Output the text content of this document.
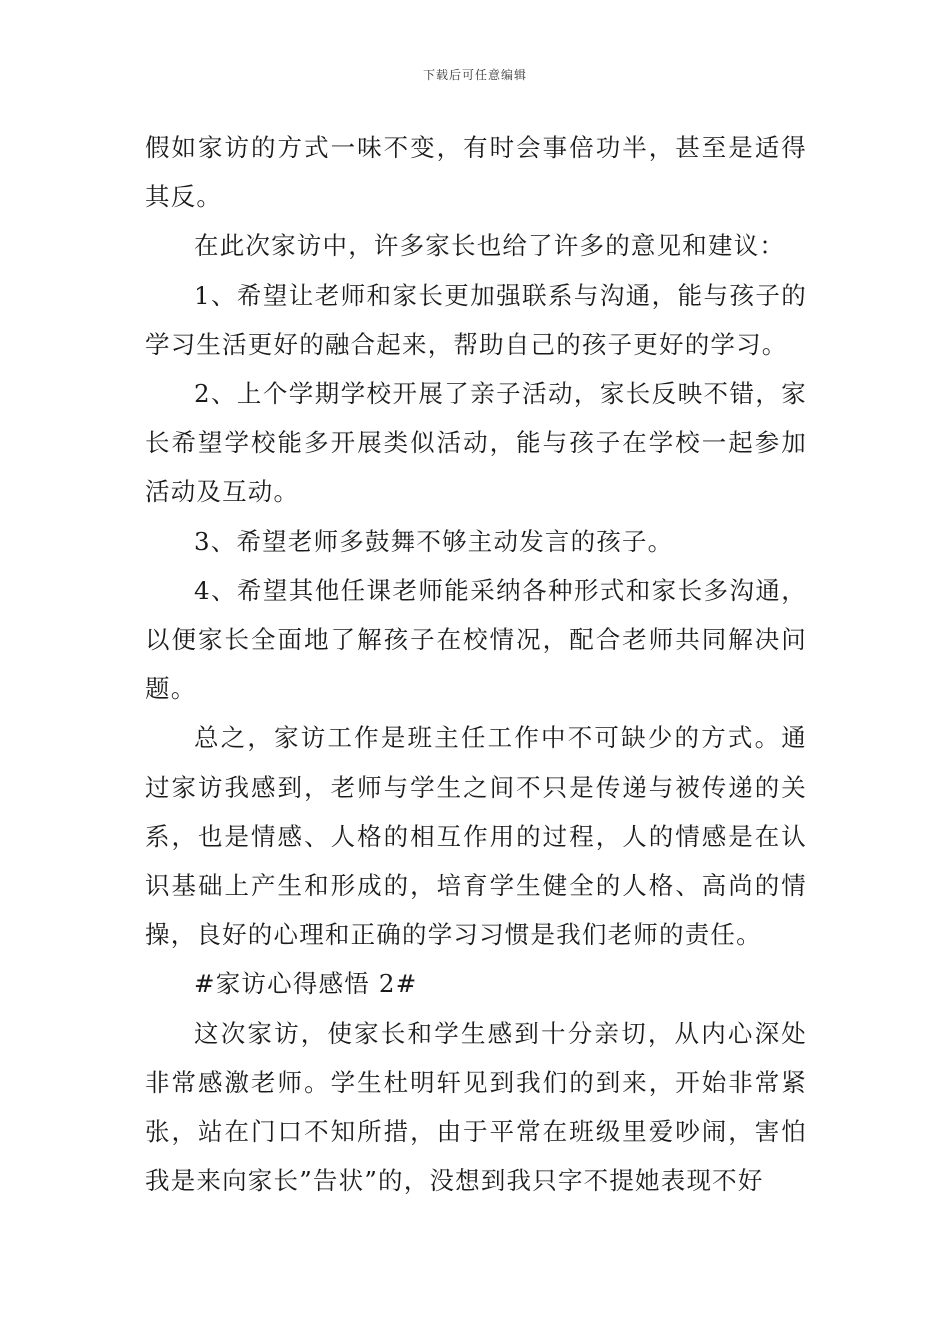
下载后可任意编辑

假如家访的方式一味不变，有时会事倍功半，甚至是适得其反。

在此次家访中，许多家长也给了许多的意见和建议：

1、希望让老师和家长更加强联系与沟通，能与孩子的学习生活更好的融合起来，帮助自己的孩子更好的学习。

2、上个学期学校开展了亲子活动，家长反映不错，家长希望学校能多开展类似活动，能与孩子在学校一起参加活动及互动。

3、希望老师多鼓舞不够主动发言的孩子。

4、希望其他任课老师能采纳各种形式和家长多沟通，以便家长全面地了解孩子在校情况，配合老师共同解决问题。

总之，家访工作是班主任工作中不可缺少的方式。通过家访我感到，老师与学生之间不只是传递与被传递的关系，也是情感、人格的相互作用的过程，人的情感是在认识基础上产生和形成的，培育学生健全的人格、高尚的情操，良好的心理和正确的学习习惯是我们老师的责任。

#家访心得感悟 2#

这次家访，使家长和学生感到十分亲切，从内心深处非常感激老师。学生杜明轩见到我们的到来，开始非常紧张，站在门口不知所措，由于平常在班级里爱吵闹，害怕我是来向家长”告状”的，没想到我只字不提她表现不好
